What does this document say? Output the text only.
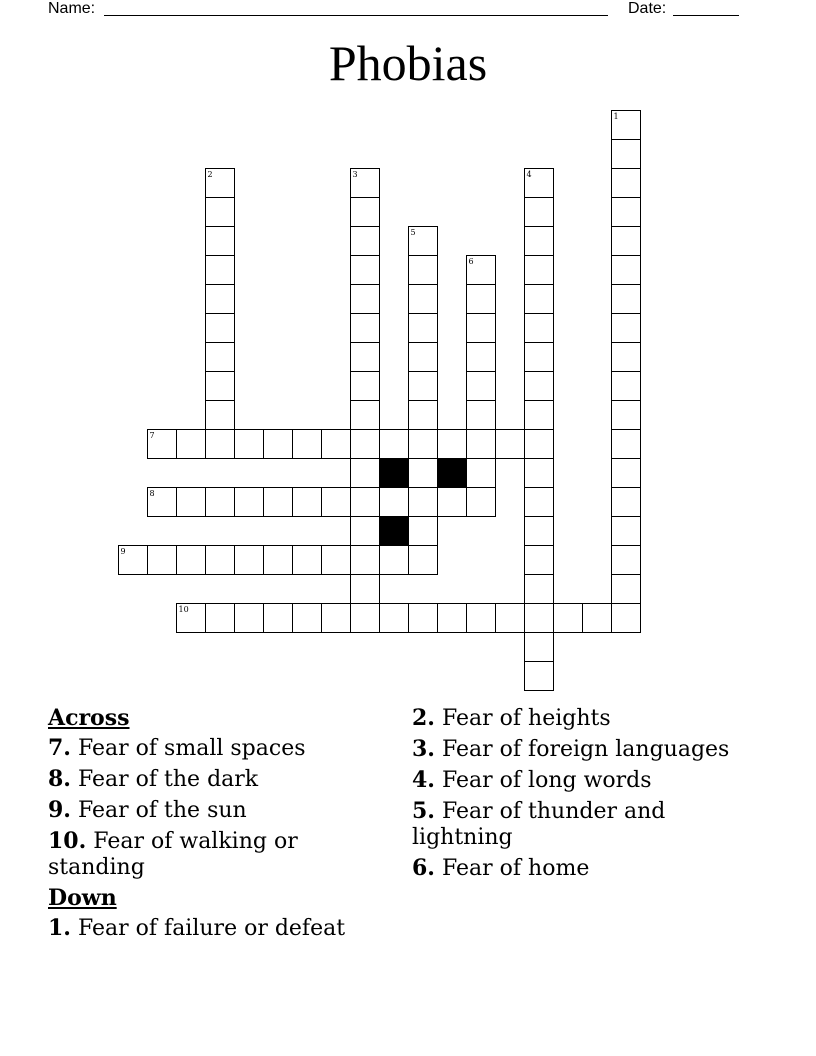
Name:	Date:
Phobias
1
2	3	4
5
6
7
8
9
10
Across
7. Fear of small spaces
8. Fear of the dark
9. Fear of the sun
10. Fear of walking or standing
Down
1. Fear of failure or defeat
2. Fear of heights
3. Fear of foreign languages
4. Fear of long words
5. Fear of thunder and lightning
6. Fear of home
